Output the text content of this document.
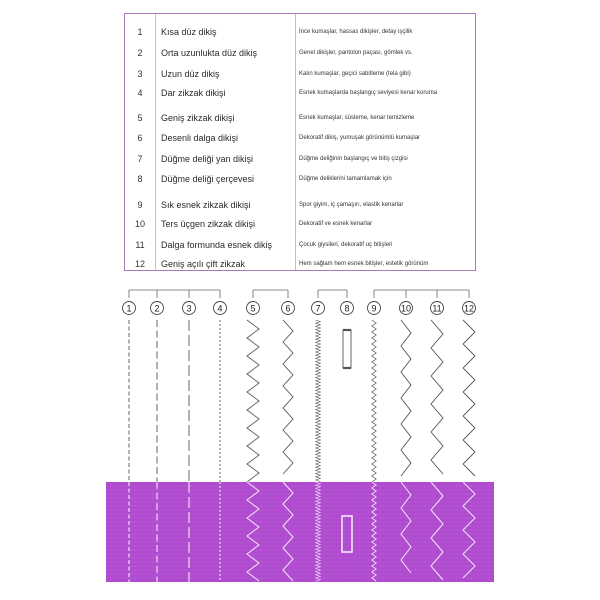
1	Kısa düz dikiş	İnce kumaşlar, hassas dikişler, detay işçilik
2	Orta uzunlukta düz dikiş	Genel dikişler, pantolon paçası, gömlek vs.
3	Uzun düz dikiş	Kalın kumaşlar, geçici sabitleme (tela gibi)
4	Dar zikzak dikişi	Esnek kumaşlarda başlangıç seviyesi kenar koruma
5	Geniş zikzak dikişi	Esnek kumaşlar, süsleme, kenar temizleme
6	Desenli dalga dikişi	Dekoratif dikiş, yumuşak görünümlü kumaşlar
7	Düğme deliği yan dikişi	Düğme deliğinin başlangıç ve bitiş çizgisi
8	Düğme deliği çerçevesi	Düğme deliklerini tamamlamak için
9	Sık esnek zikzak dikişi	Spor giyim, iç çamaşırı, elastik kenarlar
10	Ters üçgen zikzak dikişi	Dekoratif ve esnek kenarlar
11	Dalga formunda esnek dikiş	Çocuk giysileri, dekoratif uç bitişleri
12	Geniş açılı çift zikzak	Hem sağlam hem esnek bitişler, estetik görünüm
1	2	3	4	5	6	7	8 9	10 11 12
